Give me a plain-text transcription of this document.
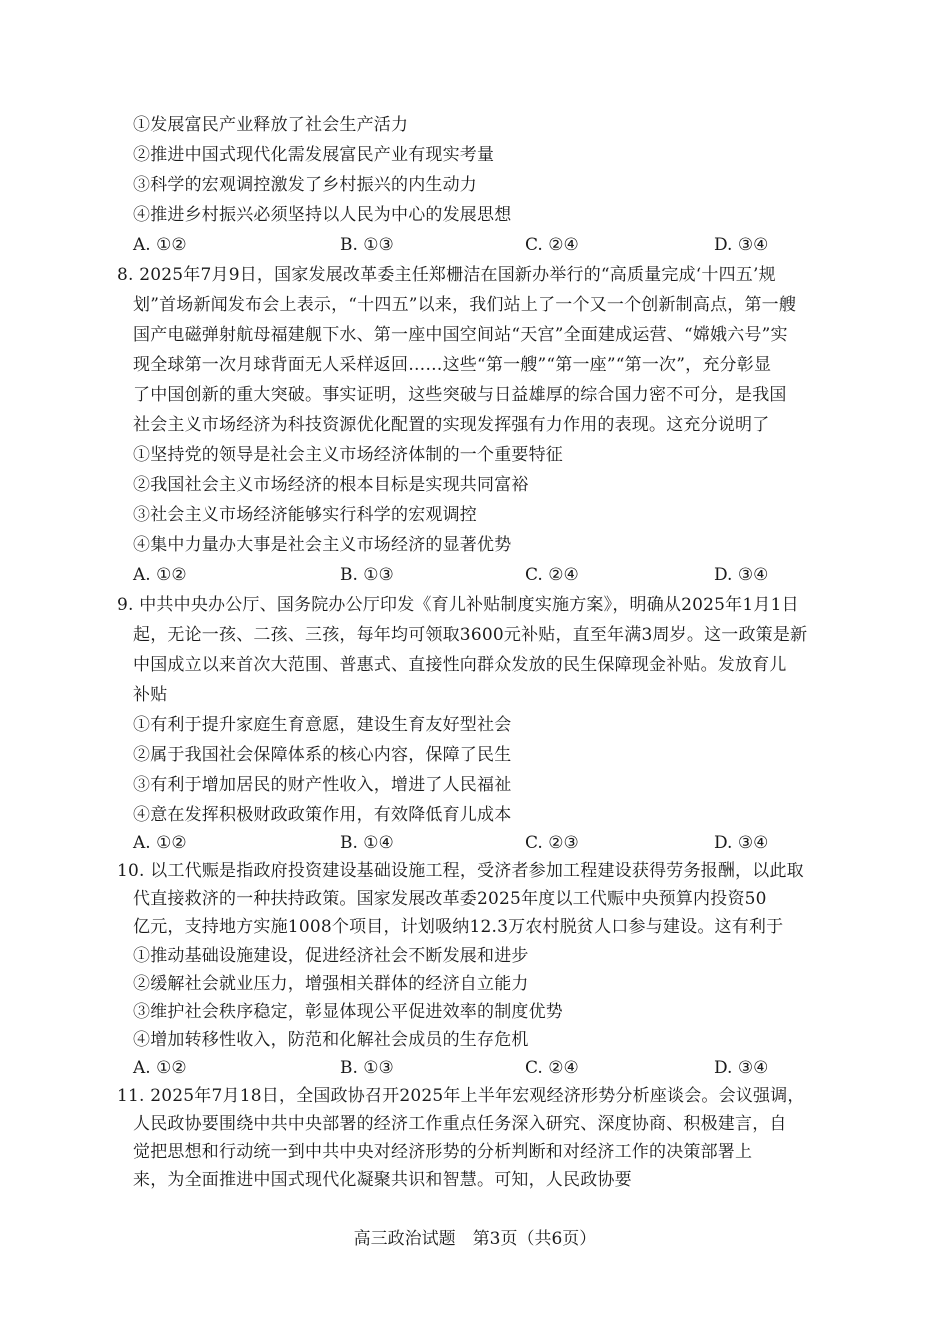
①发展富民产业释放了社会生产活力
②推进中国式现代化需发展富民产业有现实考量
③科学的宏观调控激发了乡村振兴的内生动力
④推进乡村振兴必须坚持以人民为中心的发展思想
A. ①②	B. ①③	C. ②④	D. ③④
8. 2025年7月9日，国家发展改革委主任郑栅洁在国新办举行的“高质量完成‘十四五’规
划”首场新闻发布会上表示，“十四五”以来，我们站上了一个又一个创新制高点，第一艘
国产电磁弹射航母福建舰下水、第一座中国空间站“天宫”全面建成运营、“嫦娥六号”实
现全球第一次月球背面无人采样返回……这些“第一艘”“第一座”“第一次”，充分彰显
了中国创新的重大突破。事实证明，这些突破与日益雄厚的综合国力密不可分，是我国
社会主义市场经济为科技资源优化配置的实现发挥强有力作用的表现。这充分说明了
①坚持党的领导是社会主义市场经济体制的一个重要特征
②我国社会主义市场经济的根本目标是实现共同富裕
③社会主义市场经济能够实行科学的宏观调控
④集中力量办大事是社会主义市场经济的显著优势
A. ①②	B. ①③	C. ②④	D. ③④
9. 中共中央办公厅、国务院办公厅印发《育儿补贴制度实施方案》，明确从2025年1月1日
起，无论一孩、二孩、三孩，每年均可领取3600元补贴，直至年满3周岁。这一政策是新
中国成立以来首次大范围、普惠式、直接性向群众发放的民生保障现金补贴。发放育儿
补贴
①有利于提升家庭生育意愿，建设生育友好型社会
②属于我国社会保障体系的核心内容，保障了民生
③有利于增加居民的财产性收入，增进了人民福祉
④意在发挥积极财政政策作用，有效降低育儿成本
A. ①②	B. ①④	C. ②③	D. ③④
10. 以工代赈是指政府投资建设基础设施工程，受济者参加工程建设获得劳务报酬，以此取
代直接救济的一种扶持政策。国家发展改革委2025年度以工代赈中央预算内投资50
亿元，支持地方实施1008个项目，计划吸纳12.3万农村脱贫人口参与建设。这有利于
①推动基础设施建设，促进经济社会不断发展和进步
②缓解社会就业压力，增强相关群体的经济自立能力
③维护社会秩序稳定，彰显体现公平促进效率的制度优势
④增加转移性收入，防范和化解社会成员的生存危机
A. ①②	B. ①③	C. ②④	D. ③④
11. 2025年7月18日，全国政协召开2025年上半年宏观经济形势分析座谈会。会议强调，
人民政协要围绕中共中央部署的经济工作重点任务深入研究、深度协商、积极建言，自
觉把思想和行动统一到中共中央对经济形势的分析判断和对经济工作的决策部署上
来，为全面推进中国式现代化凝聚共识和智慧。可知，人民政协要
高三政治试题　第3页（共6页）
